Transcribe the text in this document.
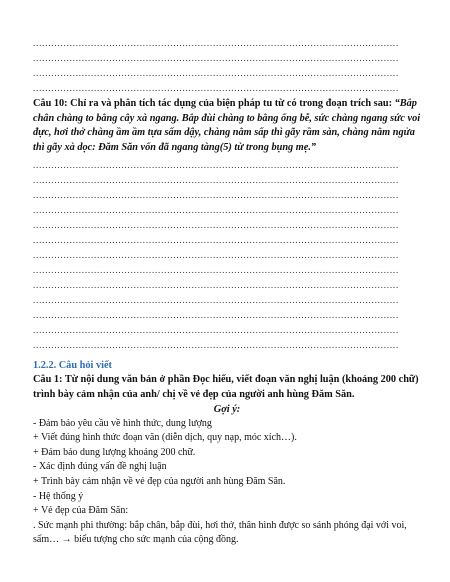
........................................................................................................................
........................................................................................................................
........................................................................................................................
........................................................................................................................
Câu 10: Chỉ ra và phân tích tác dụng của biện pháp tu từ có trong đoạn trích sau: “Bắp chân chàng to bằng cây xà ngang. Bắp đùi chàng to bằng ống bễ, sức chàng ngang sức voi đực, hơi thở chàng ầm ầm tựa sấm dậy, chàng nằm sấp thì gãy rầm sàn, chàng nằm ngửa thì gãy xà dọc: Đăm Săn vốn đã ngang tàng(5) từ trong bụng mẹ.”
........................................................................................................................
........................................................................................................................
........................................................................................................................
........................................................................................................................
........................................................................................................................
........................................................................................................................
........................................................................................................................
........................................................................................................................
........................................................................................................................
........................................................................................................................
........................................................................................................................
........................................................................................................................
........................................................................................................................
1.2.2. Câu hỏi viết
Câu 1: Từ nội dung văn bản ở phần Đọc hiểu, viết đoạn văn nghị luận (khoảng 200 chữ) trình bày cảm nhận của anh/ chị về vẻ đẹp của người anh hùng Đăm Săn.
Gợi ý:
- Đảm bảo yêu cầu về hình thức, dung lượng
+ Viết đúng hình thức đoạn văn (diễn dịch, quy nạp, móc xích…).
+ Đảm bảo dung lượng khoảng 200 chữ.
- Xác định đúng vấn đề nghị luận
+ Trình bày cảm nhận về vẻ đẹp của người anh hùng Đăm Săn.
- Hệ thống ý
+ Vẻ đẹp của Đăm Săn:
. Sức mạnh phi thường: bắp chân, bắp đùi, hơi thở, thân hình được so sánh phóng đại với voi, sấm… → biểu tượng cho sức mạnh của cộng đồng.
